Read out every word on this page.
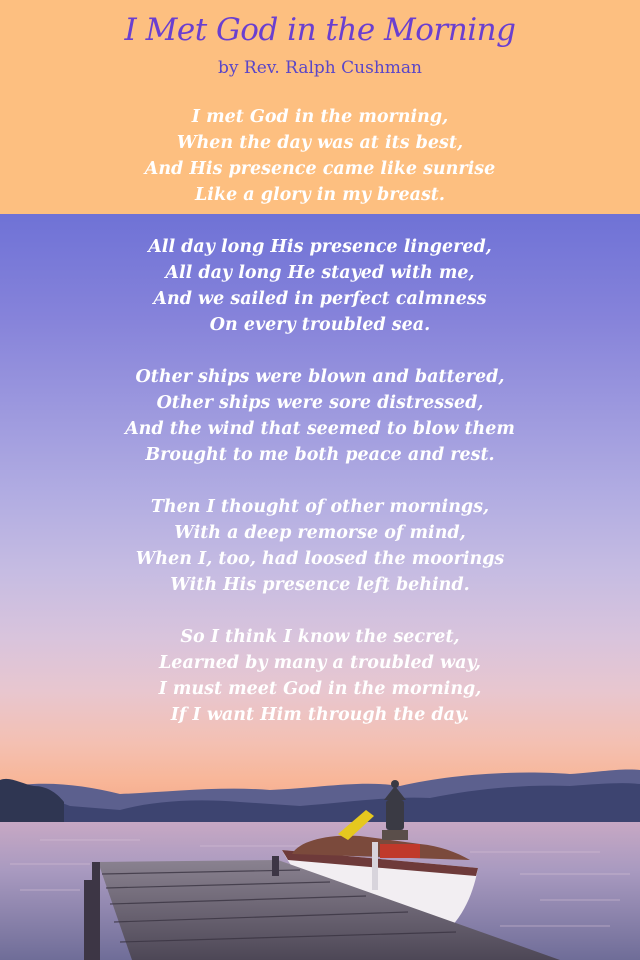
I Met God in the Morning
by Rev. Ralph Cushman
I met God in the morning,
When the day was at its best,
And His presence came like sunrise
Like a glory in my breast.
All day long His presence lingered,
All day long He stayed with me,
And we sailed in perfect calmness
On every troubled sea.
Other ships were blown and battered,
Other ships were sore distressed,
And the wind that seemed to blow them
Brought to me both peace and rest.
Then I thought of other mornings,
With a deep remorse of mind,
When I, too, had loosed the moorings
With His presence left behind.
So I think I know the secret,
Learned by many a troubled way,
I must meet God in the morning,
If I want Him through the day.
